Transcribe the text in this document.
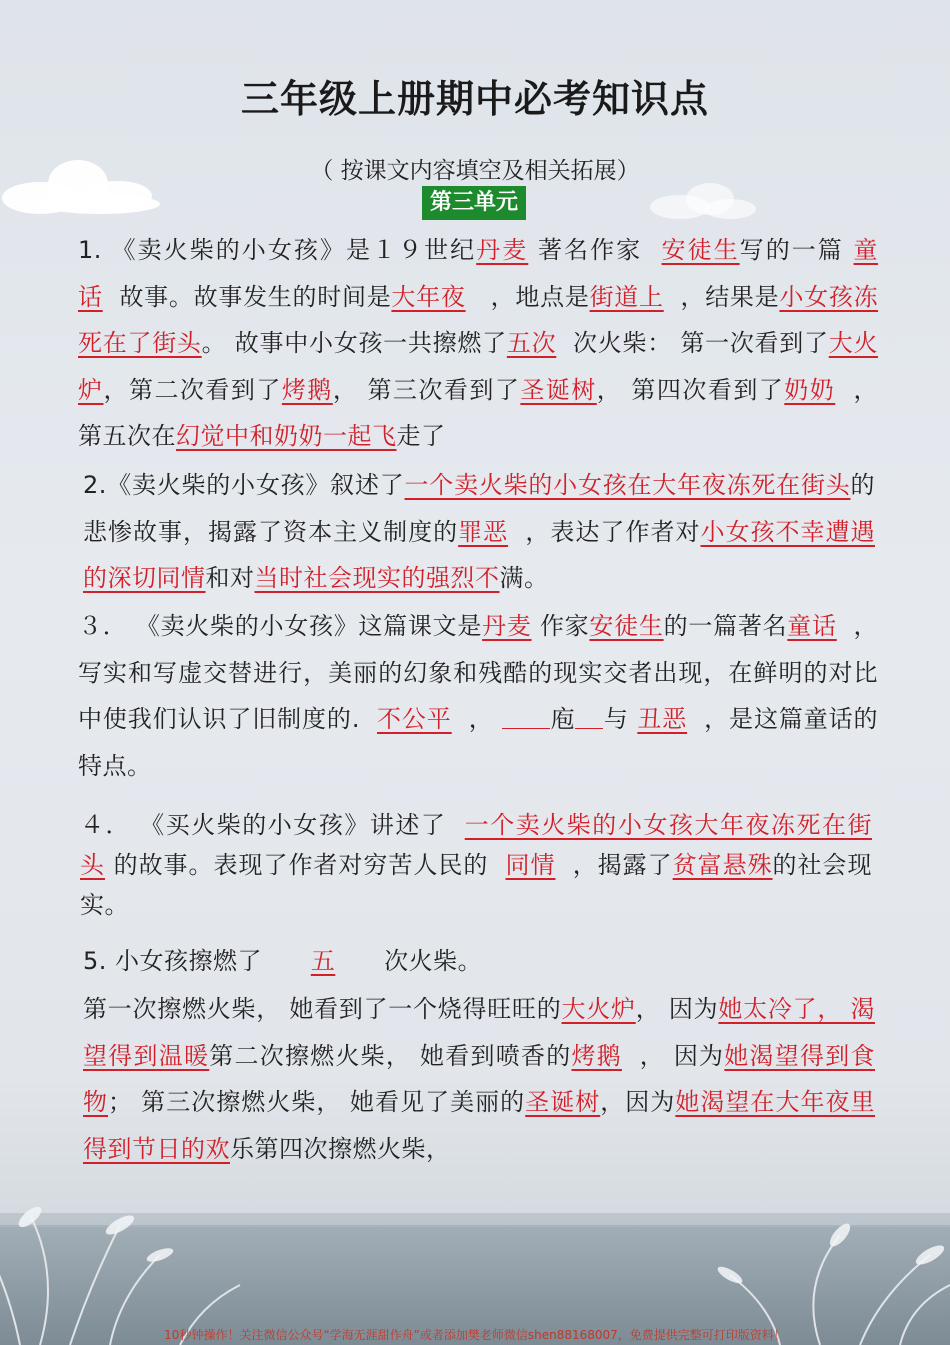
三年级上册期中必考知识点
（ 按课文内容填空及相关拓展）
第三单元
1. 《卖火柴的小女孩》是１９世纪丹麦 著名作家 安徒生写的一篇 童话 故事。故事发生的时间是大年夜 ，地点是街道上 ，结果是小女孩冻死在了街头。 故事中小女孩一共擦燃了五次 次火柴： 第一次看到了大火炉，第二次看到了烤鹅， 第三次看到了圣诞树， 第四次看到了奶奶 ， 第五次在幻觉中和奶奶一起飞走了
2.《卖火柴的小女孩》叙述了一个卖火柴的小女孩在大年夜冻死在街头的悲惨故事，揭露了资本主义制度的罪恶 ，表达了作者对小女孩不幸遭遇的深切同情和对当时社会现实的强烈不满。
３． 《卖火柴的小女孩》这篇课文是丹麦 作家安徒生的一篇著名童话 ，写实和写虚交替进行，美丽的幻象和残酷的现实交者出现，在鲜明的对比中使我们认识了旧制度的. 不公平 ， 庖 与 丑恶 ，是这篇童话的特点。
４． 《买火柴的小女孩》讲述了 一个卖火柴的小女孩大年夜冻死在街头 的故事。表现了作者对穷苦人民的 同情 ，揭露了贫富悬殊的社会现实。
5. 小女孩擦燃了 五 次火柴。
第一次擦燃火柴， 她看到了一个烧得旺旺的大火炉， 因为她太冷了， 渴望得到温暖第二次擦燃火柴， 她看到喷香的烤鹅 ， 因为她渴望得到食物； 第三次擦燃火柴， 她看见了美丽的圣诞树，因为她渴望在大年夜里得到节日的欢乐第四次擦燃火柴，
10秒钟操作！关注微信公众号“学海无涯甜作舟”或者添加樊老师微信shen88168007，免费提供完整可打印版资料！
